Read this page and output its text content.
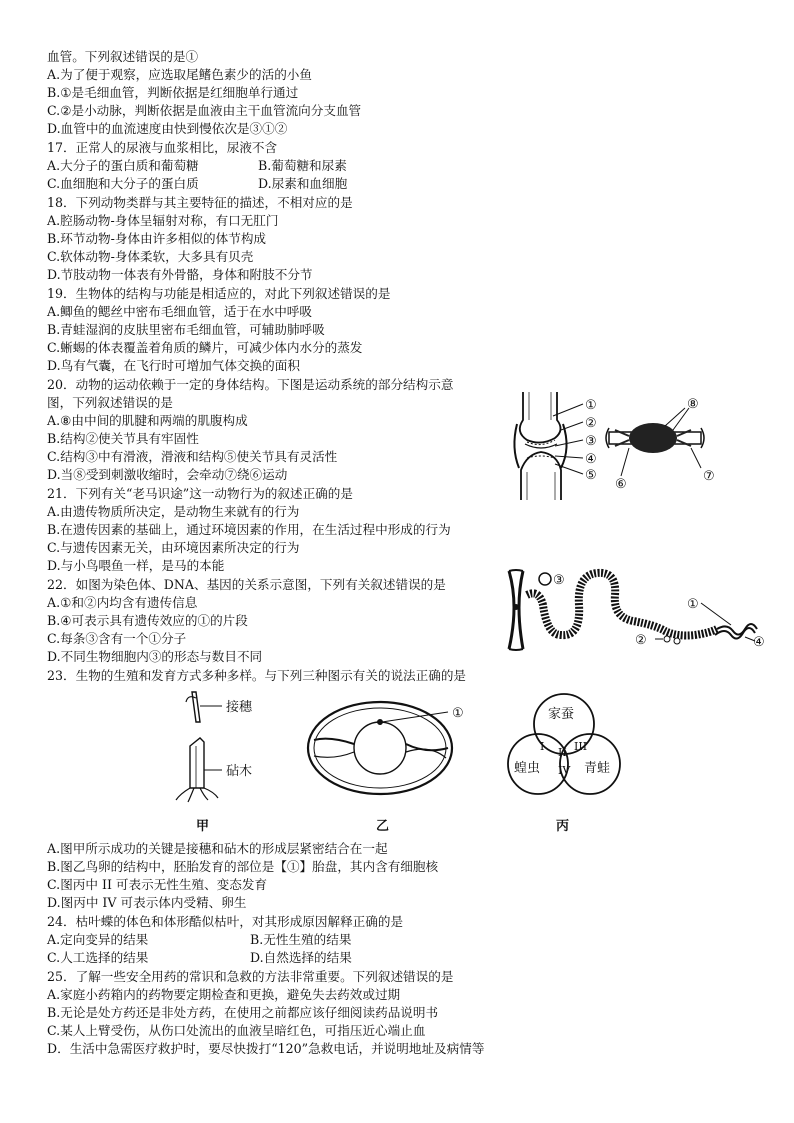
血管。下列叙述错误的是①
A.为了便于观察，应选取尾鳍色素少的活的小鱼
B.①是毛细血管，判断依据是红细胞单行通过
C.②是小动脉，判断依据是血液由主干血管流向分支血管
D.血管中的血流速度由快到慢依次是③①②
17．正常人的尿液与血浆相比，尿液不含
A.大分子的蛋白质和葡萄糖	B.葡萄糖和尿素
C.血细胞和大分子的蛋白质	D.尿素和血细胞
18．下列动物类群与其主要特征的描述，不相对应的是
A.腔肠动物-身体呈辐射对称，有口无肛门
B.环节动物-身体由许多相似的体节构成
C.软体动物-身体柔软，大多具有贝壳
D.节肢动物一体表有外骨骼，身体和附肢不分节
19．生物体的结构与功能是相适应的，对此下列叙述错误的是
A.鲫鱼的鳃丝中密布毛细血管，适于在水中呼吸
B.青蛙湿润的皮肤里密布毛细血管，可辅助肺呼吸
C.蜥蜴的体表覆盖着角质的鳞片，可减少体内水分的蒸发
D.鸟有气囊，在飞行时可增加气体交换的面积
20．动物的运动依赖于一定的身体结构。下图是运动系统的部分结构示意
图，下列叙述错误的是
A.⑧由中间的肌腱和两端的肌腹构成
B.结构②使关节具有牢固性
C.结构③中有滑液，滑液和结构⑤使关节具有灵活性
D.当⑧受到刺激收缩时，会牵动⑦绕⑥运动
21．下列有关“老马识途”这一动物行为的叙述正确的是
A.由遗传物质所决定，是动物生来就有的行为
B.在遗传因素的基础上，通过环境因素的作用，在生活过程中形成的行为
C.与遗传因素无关，由环境因素所决定的行为
D.与小鸟喂鱼一样，是马的本能
22．如图为染色体、DNA、基因的关系示意图，下列有关叙述错误的是
A.①和②内均含有遗传信息
B.④可表示具有遗传效应的①的片段
C.每条③含有一个①分子
D.不同生物细胞内③的形态与数目不同
23．生物的生殖和发育方式多种多样。与下列三种图示有关的说法正确的是
A.图甲所示成功的关键是接穗和砧木的形成层紧密结合在一起
B.图乙鸟卵的结构中，胚胎发育的部位是【①】胎盘，其内含有细胞核
C.图丙中 II 可表示无性生殖、变态发育
D.图丙中 IV 可表示体内受精、卵生
24．枯叶蝶的体色和体形酷似枯叶，对其形成原因解释正确的是
A.定向变异的结果	B.无性生殖的结果
C.人工选择的结果	D.自然选择的结果
25．了解一些安全用药的常识和急救的方法非常重要。下列叙述错误的是
A.家庭小药箱内的药物要定期检查和更换，避免失去药效或过期
B.无论是处方药还是非处方药，在使用之前都应该仔细阅读药品说明书
C.某人上臂受伤，从伤口处流出的血液呈暗红色，可指压近心端止血
D．生活中急需医疗救护时，要尽快拨打“120”急救电话，并说明地址及病情等
①
②
③
④
⑤
⑧
⑥
⑦
③
②
①
④
接穗
砧木
甲
①
乙
家蚕
蝗虫	青蛙
I II III
IV
丙
